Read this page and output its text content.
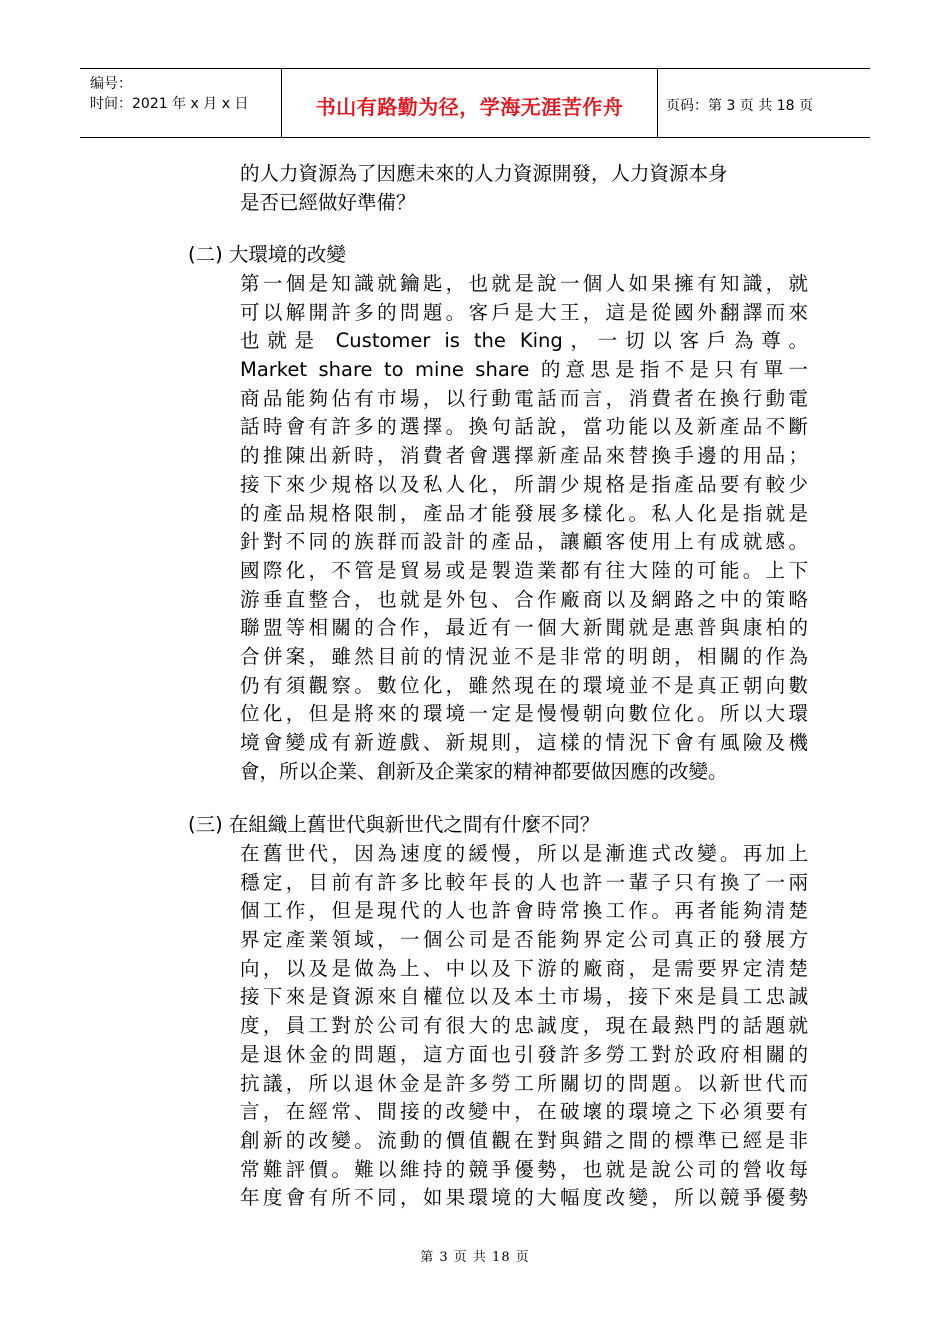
编号：
时间：2021 年 x 月 x 日	书山有路勤为径，学海无涯苦作舟	页码：第 3 页 共 18 页
的人力資源為了因應未來的人力資源開發，人力資源本身
是否已經做好準備？
(二) 大環境的改變
第一個是知識就鑰匙，也就是說一個人如果擁有知識，就
可以解開許多的問題。客戶是大王，這是從國外翻譯而來
也就是 Customer is the King，一切以客戶為尊。
Market share to mine share 的意思是指不是只有單一
商品能夠佔有市場，以行動電話而言，消費者在換行動電
話時會有許多的選擇。換句話說，當功能以及新產品不斷
的推陳出新時，消費者會選擇新產品來替換手邊的用品；
接下來少規格以及私人化，所謂少規格是指產品要有較少
的產品規格限制，產品才能發展多樣化。私人化是指就是
針對不同的族群而設計的產品，讓顧客使用上有成就感。
國際化，不管是貿易或是製造業都有往大陸的可能。上下
游垂直整合，也就是外包、合作廠商以及網路之中的策略
聯盟等相關的合作，最近有一個大新聞就是惠普與康柏的
合併案，雖然目前的情況並不是非常的明朗，相關的作為
仍有須觀察。數位化，雖然現在的環境並不是真正朝向數
位化，但是將來的環境一定是慢慢朝向數位化。所以大環
境會變成有新遊戲、新規則，這樣的情況下會有風險及機
會，所以企業、創新及企業家的精神都要做因應的改變。
(三) 在組織上舊世代與新世代之間有什麼不同？
在舊世代，因為速度的緩慢，所以是漸進式改變。再加上
穩定，目前有許多比較年長的人也許一輩子只有換了一兩
個工作，但是現代的人也許會時常換工作。再者能夠清楚
界定產業領域，一個公司是否能夠界定公司真正的發展方
向，以及是做為上、中以及下游的廠商，是需要界定清楚
接下來是資源來自權位以及本土市場，接下來是員工忠誠
度，員工對於公司有很大的忠誠度，現在最熱門的話題就
是退休金的問題，這方面也引發許多勞工對於政府相關的
抗議，所以退休金是許多勞工所關切的問題。以新世代而
言，在經常、間接的改變中，在破壞的環境之下必須要有
創新的改變。流動的價值觀在對與錯之間的標準已經是非
常難評價。難以維持的競爭優勢，也就是說公司的營收每
年度會有所不同，如果環境的大幅度改變，所以競爭優勢
第 3 页 共 18 页
